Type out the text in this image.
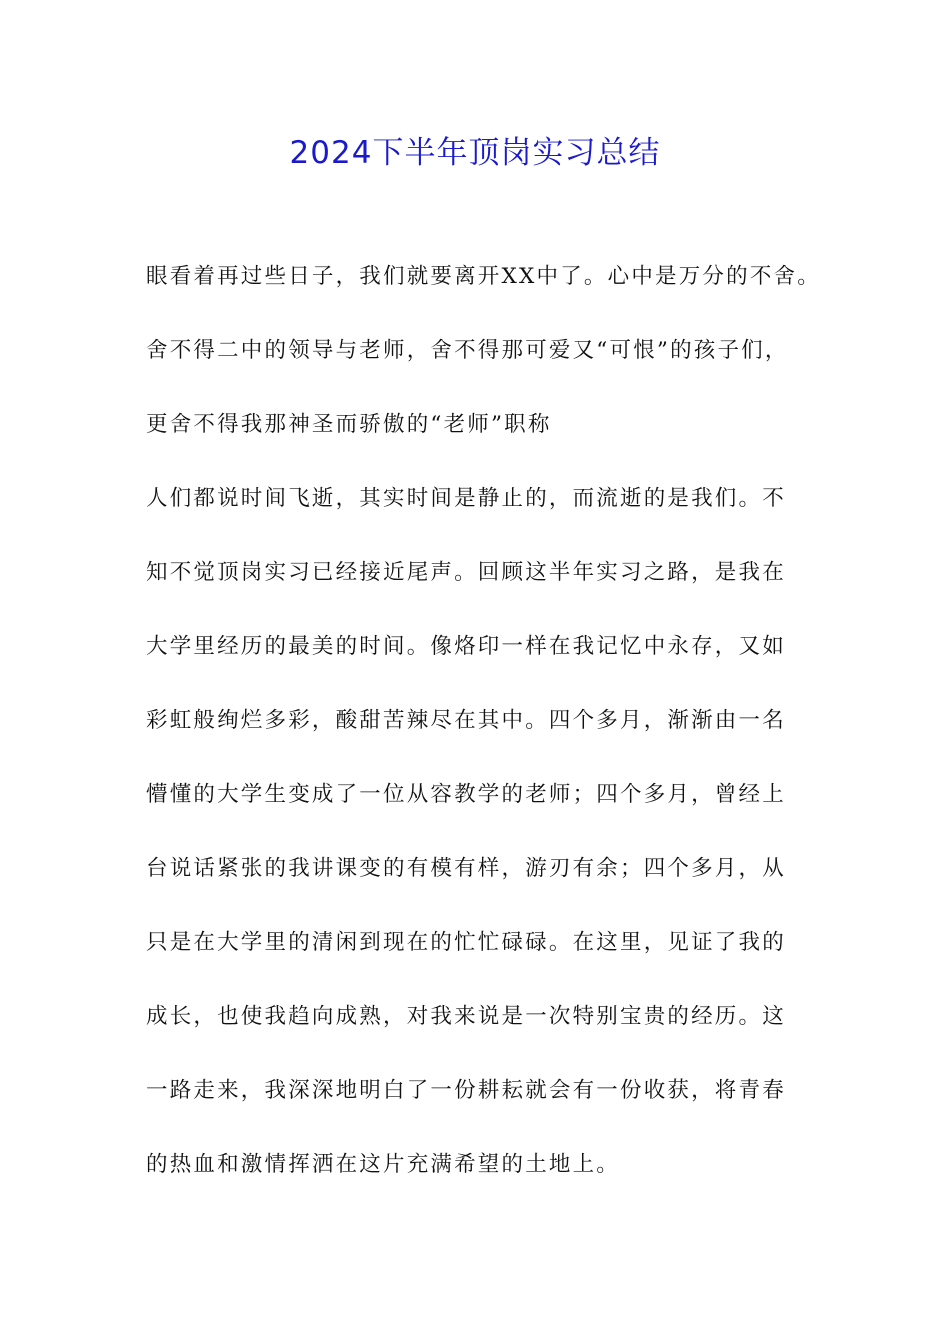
2024下半年顶岗实习总结
眼看着再过些日子，我们就要离开XX中了。心中是万分的不舍。
舍不得二中的领导与老师，舍不得那可爱又“可恨”的孩子们，
更舍不得我那神圣而骄傲的“老师”职称
人们都说时间飞逝，其实时间是静止的，而流逝的是我们。不
知不觉顶岗实习已经接近尾声。回顾这半年实习之路，是我在
大学里经历的最美的时间。像烙印一样在我记忆中永存，又如
彩虹般绚烂多彩，酸甜苦辣尽在其中。四个多月，渐渐由一名
懵懂的大学生变成了一位从容教学的老师；四个多月，曾经上
台说话紧张的我讲课变的有模有样，游刃有余；四个多月，从
只是在大学里的清闲到现在的忙忙碌碌。在这里，见证了我的
成长，也使我趋向成熟，对我来说是一次特别宝贵的经历。这
一路走来，我深深地明白了一份耕耘就会有一份收获，将青春
的热血和激情挥洒在这片充满希望的土地上。
